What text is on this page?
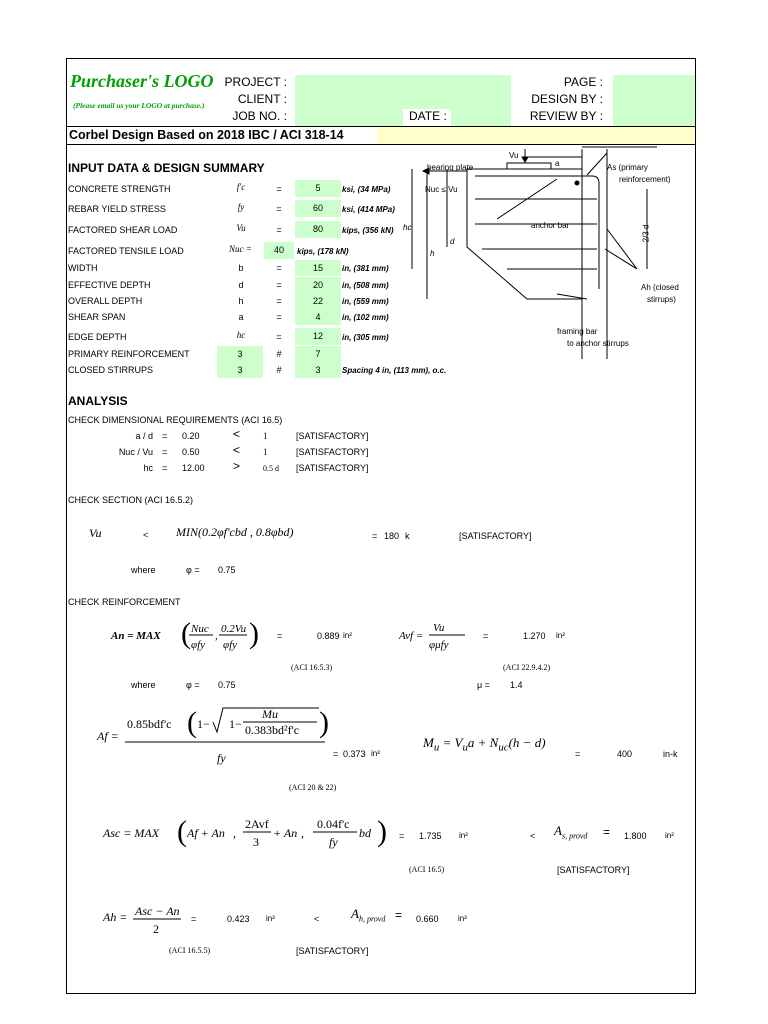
Purchaser's LOGO
(Please email us your LOGO at purchase.)
PROJECT :
CLIENT :
JOB NO. :	DATE :
PAGE :
DESIGN BY :
REVIEW BY :
Corbel Design Based on 2018 IBC / ACI 318-14
INPUT DATA & DESIGN SUMMARY
CONCRETE STRENGTH	f'c	=	5	ksi, (34 MPa)
REBAR YIELD STRESS	fy	=	60	ksi, (414 MPa)
FACTORED SHEAR LOAD	Vu	=	80	kips, (356 kN)
FACTORED TENSILE LOAD	Nuc =	40	kips, (178 kN)
WIDTH	b	=	15	in, (381 mm)
EFFECTIVE DEPTH	d	=	20	in, (508 mm)
OVERALL DEPTH	h	=	22	in, (559 mm)
SHEAR SPAN	a	=	4	in, (102 mm)
EDGE DEPTH	hc	=	12	in, (305 mm)
PRIMARY REINFORCEMENT	3	#	7
CLOSED STIRRUPS	3	#	3	Spacing 4 in, (113 mm), o.c.
Vu
bearing plate	a	As (primary
reinforcement)
Nuc ≤ Vu
anchor bar
Ah (closed
stirrups)
framing bar
to anchor stirrups
2/3 d
hc
d
h
ANALYSIS
CHECK DIMENSIONAL REQUIREMENTS (ACI 16.5)
a / d = 0.20	<	1	[SATISFACTORY]
Nuc / Vu = 0.50	<	1	[SATISFACTORY]
hc = 12.00 >	0.5 d [SATISFACTORY]
CHECK SECTION (ACI 16.5.2)
Vu	< MIN(0.2φf'cbd , 0.8φbd)	= 180 k	[SATISFACTORY]
where	φ = 0.75
CHECK REINFORCEMENT
An = MAX ( Nuc
φfy
,
0.2Vu
φfy ) =	0.889 in²	Avf =
Vu
φμfy
=	1.270 in²
(ACI 16.5.3)	(ACI 22.9.4.2)
where	φ = 0.75	μ = 1.4
Af =
0.85bdf'c ( 1− 1−
Mu
0.383bd²f'c )
fy	= 0.373 in²
$M_u = V_ua + N_{uc}(h - d)$
=	400	in-k
(ACI 20 & 22)
Asc = MAX ( Af + An ,
2Avf
3
+ An ,
0.04f'c
fy
bd ) = 1.735 in²	< $A_{s, provd} = 1.800$ in²
(ACI 16.5)	[SATISFACTORY]
Ah = Asc − An
2
=	0.423 in²	< $A_{h, provd} = 0.660$ in²
(ACI 16.5.5)	[SATISFACTORY]
